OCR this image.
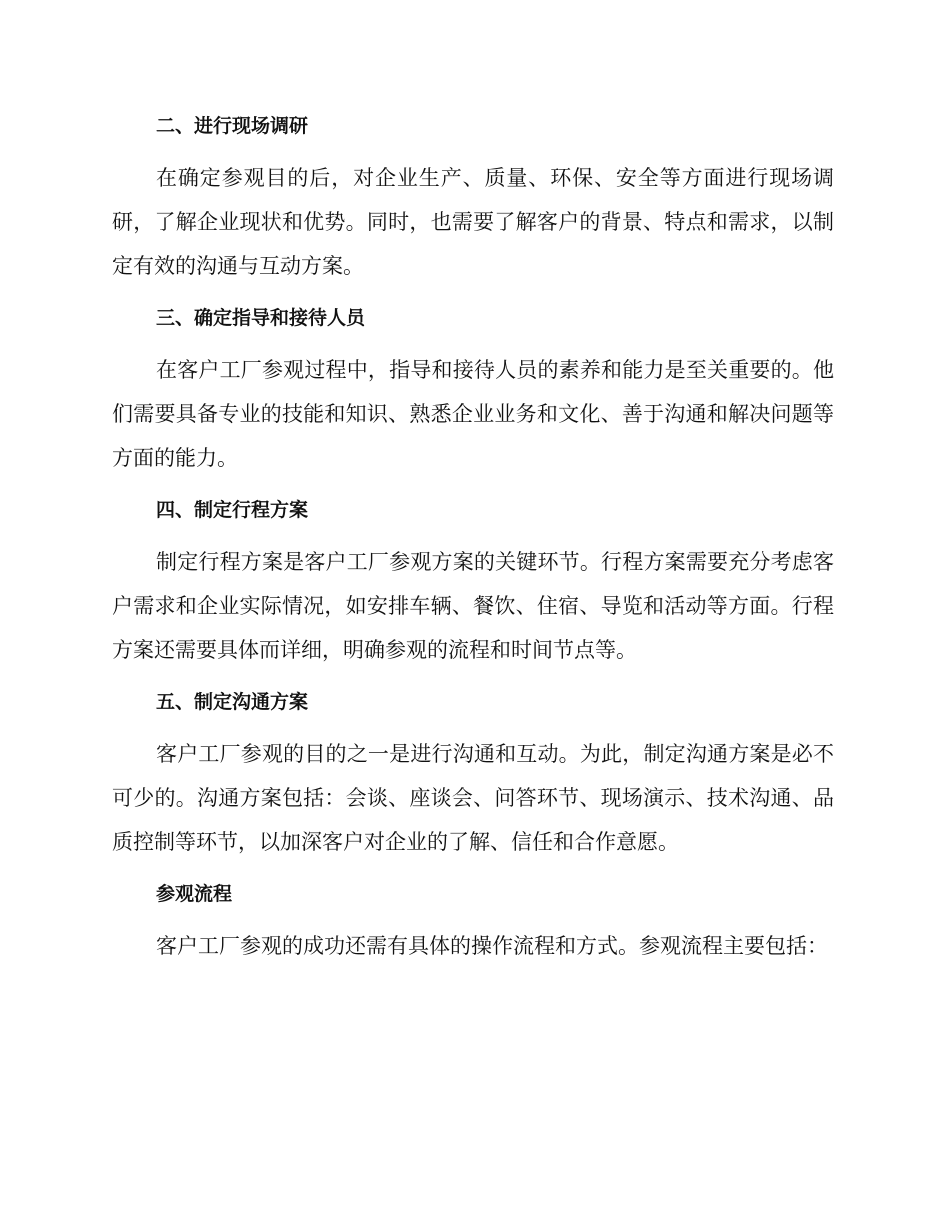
二、进行现场调研

在确定参观目的后，对企业生产、质量、环保、安全等方面进行现场调研，了解企业现状和优势。同时，也需要了解客户的背景、特点和需求，以制定有效的沟通与互动方案。

三、确定指导和接待人员

在客户工厂参观过程中，指导和接待人员的素养和能力是至关重要的。他们需要具备专业的技能和知识、熟悉企业业务和文化、善于沟通和解决问题等方面的能力。

四、制定行程方案

制定行程方案是客户工厂参观方案的关键环节。行程方案需要充分考虑客户需求和企业实际情况，如安排车辆、餐饮、住宿、导览和活动等方面。行程方案还需要具体而详细，明确参观的流程和时间节点等。

五、制定沟通方案

客户工厂参观的目的之一是进行沟通和互动。为此，制定沟通方案是必不可少的。沟通方案包括：会谈、座谈会、问答环节、现场演示、技术沟通、品质控制等环节，以加深客户对企业的了解、信任和合作意愿。

参观流程

客户工厂参观的成功还需有具体的操作流程和方式。参观流程主要包括：
